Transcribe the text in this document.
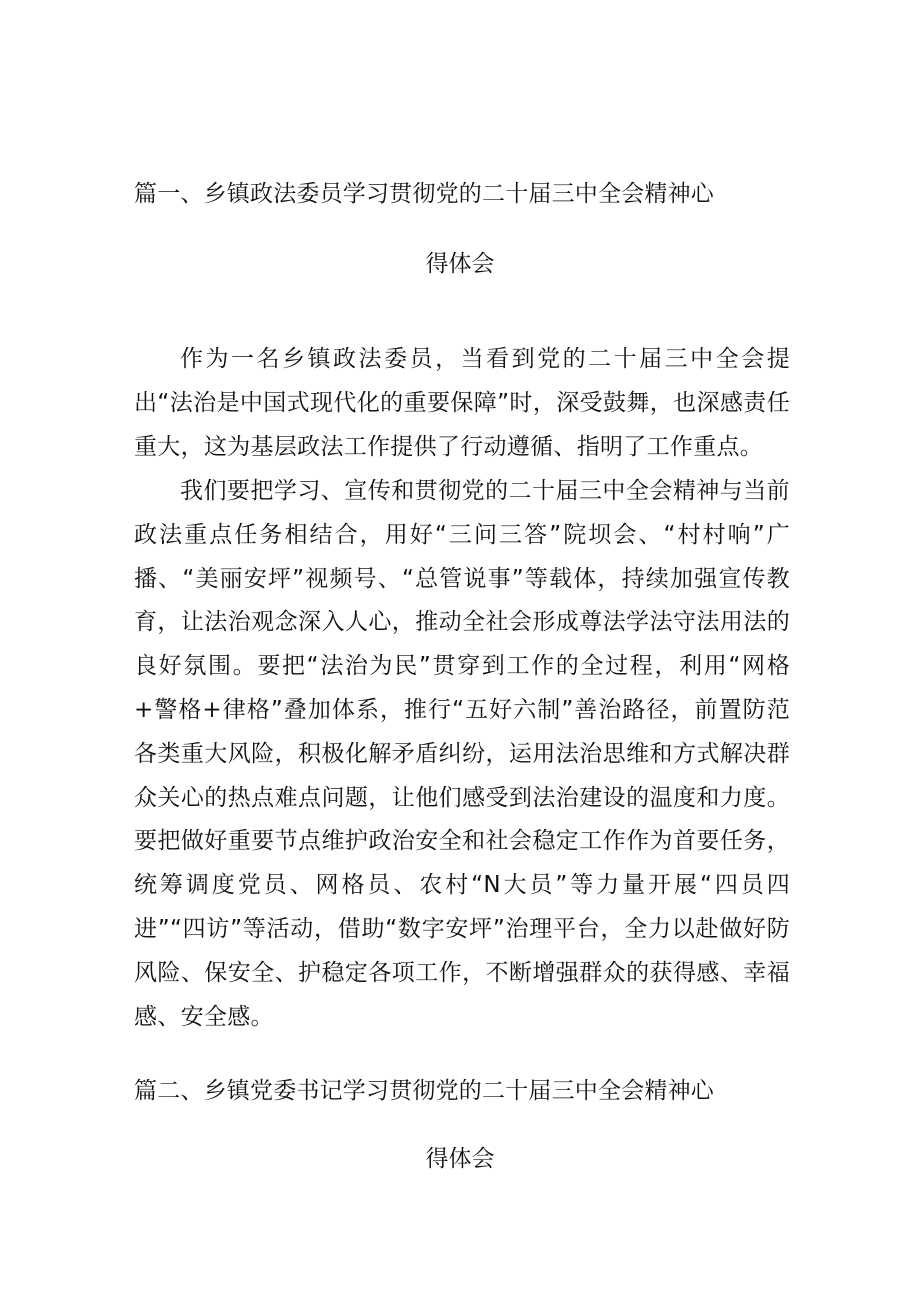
篇一、乡镇政法委员学习贯彻党的二十届三中全会精神心
得体会

作为一名乡镇政法委员，当看到党的二十届三中全会提出“法治是中国式现代化的重要保障”时，深受鼓舞，也深感责任重大，这为基层政法工作提供了行动遵循、指明了工作重点。

我们要把学习、宣传和贯彻党的二十届三中全会精神与当前政法重点任务相结合，用好“三问三答”院坝会、“村村响”广播、“美丽安坪”视频号、“总管说事”等载体，持续加强宣传教育，让法治观念深入人心，推动全社会形成尊法学法守法用法的良好氛围。要把“法治为民”贯穿到工作的全过程，利用“网格+警格+律格”叠加体系，推行“五好六制”善治路径，前置防范各类重大风险，积极化解矛盾纠纷，运用法治思维和方式解决群众关心的热点难点问题，让他们感受到法治建设的温度和力度。要把做好重要节点维护政治安全和社会稳定工作作为首要任务，统筹调度党员、网格员、农村“N大员”等力量开展“四员四进”“四访”等活动，借助“数字安坪”治理平台，全力以赴做好防风险、保安全、护稳定各项工作，不断增强群众的获得感、幸福感、安全感。

篇二、乡镇党委书记学习贯彻党的二十届三中全会精神心
得体会
